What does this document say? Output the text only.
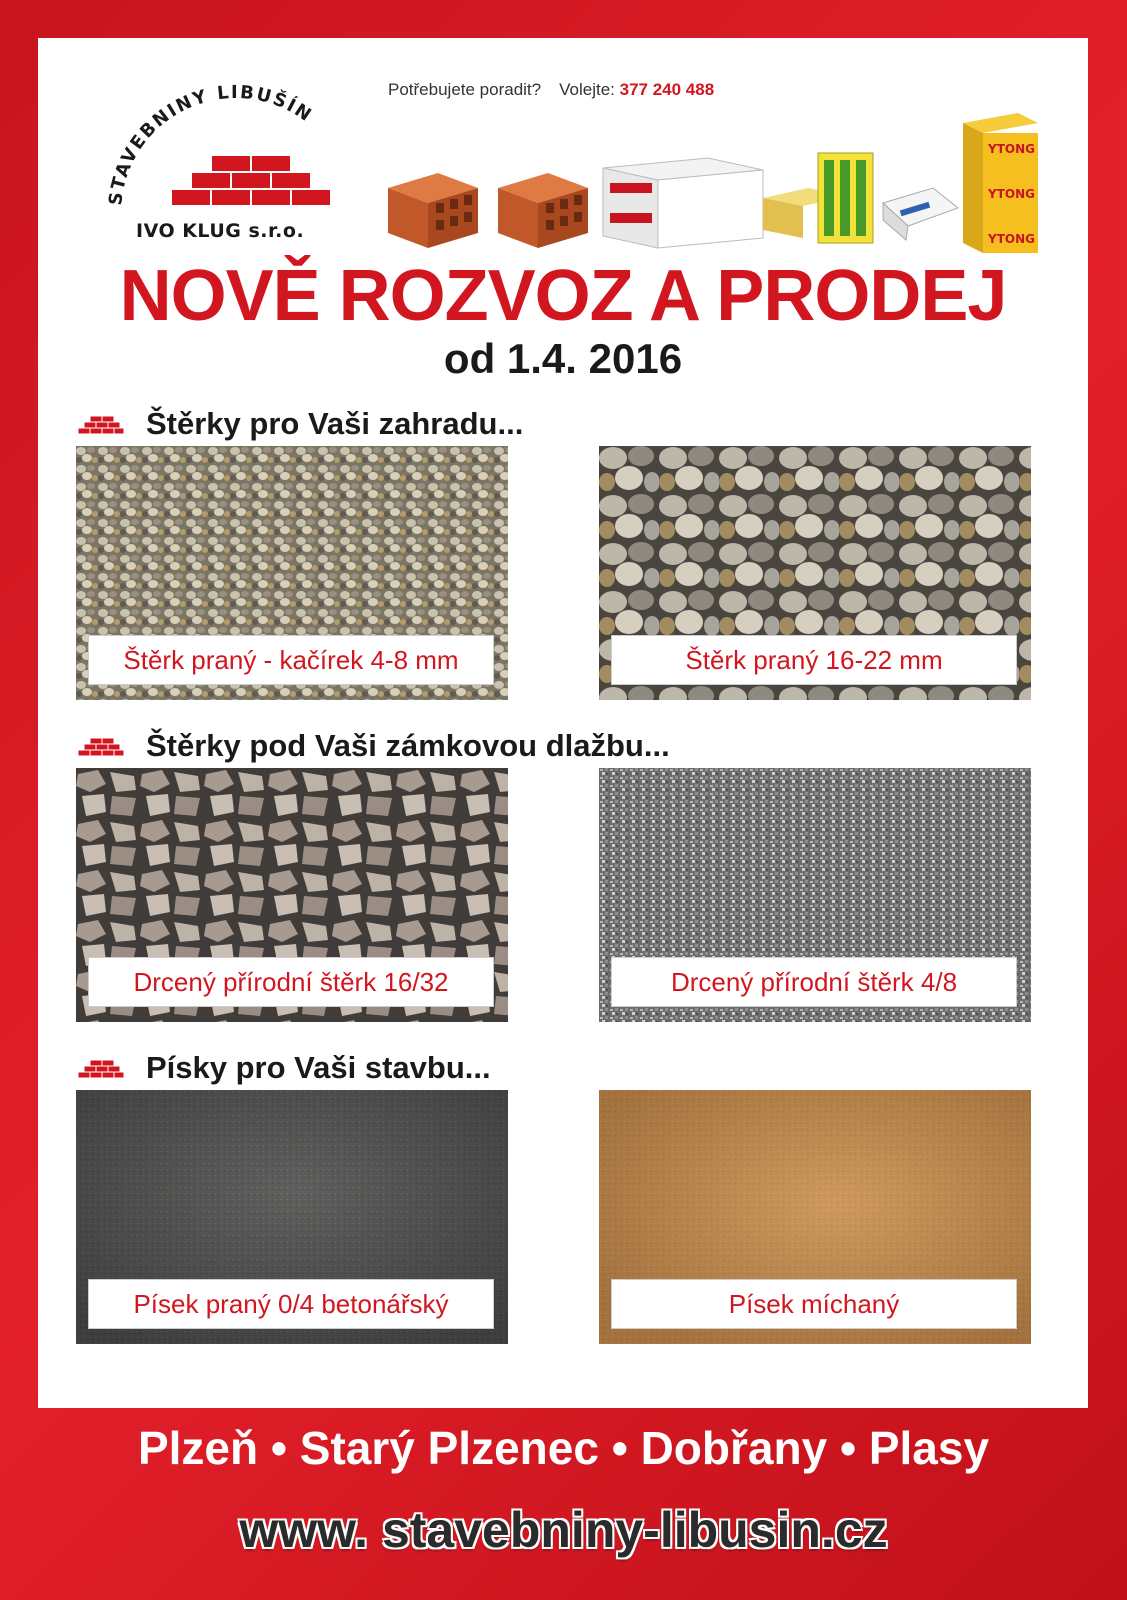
STAVEBNINY LIBUŠÍN
IVO KLUG s.r.o.
Potřebujete poradit? Volejte: 377 240 488
YTONG
YTONG
YTONG
NOVĚ ROZVOZ A PRODEJ
od 1.4. 2016
Štěrky pro Vaši zahradu...
Štěrk praný - kačírek 4-8 mm	Štěrk praný 16-22 mm
Štěrky pod Vaši zámkovou dlažbu...
Drcený přírodní štěrk 16/32	Drcený přírodní štěrk 4/8
Písky pro Vaši stavbu...
Písek praný 0/4 betonářský	Písek míchaný
Plzeň • Starý Plzenec • Dobřany • Plasy
www. stavebniny-libusin.cz
